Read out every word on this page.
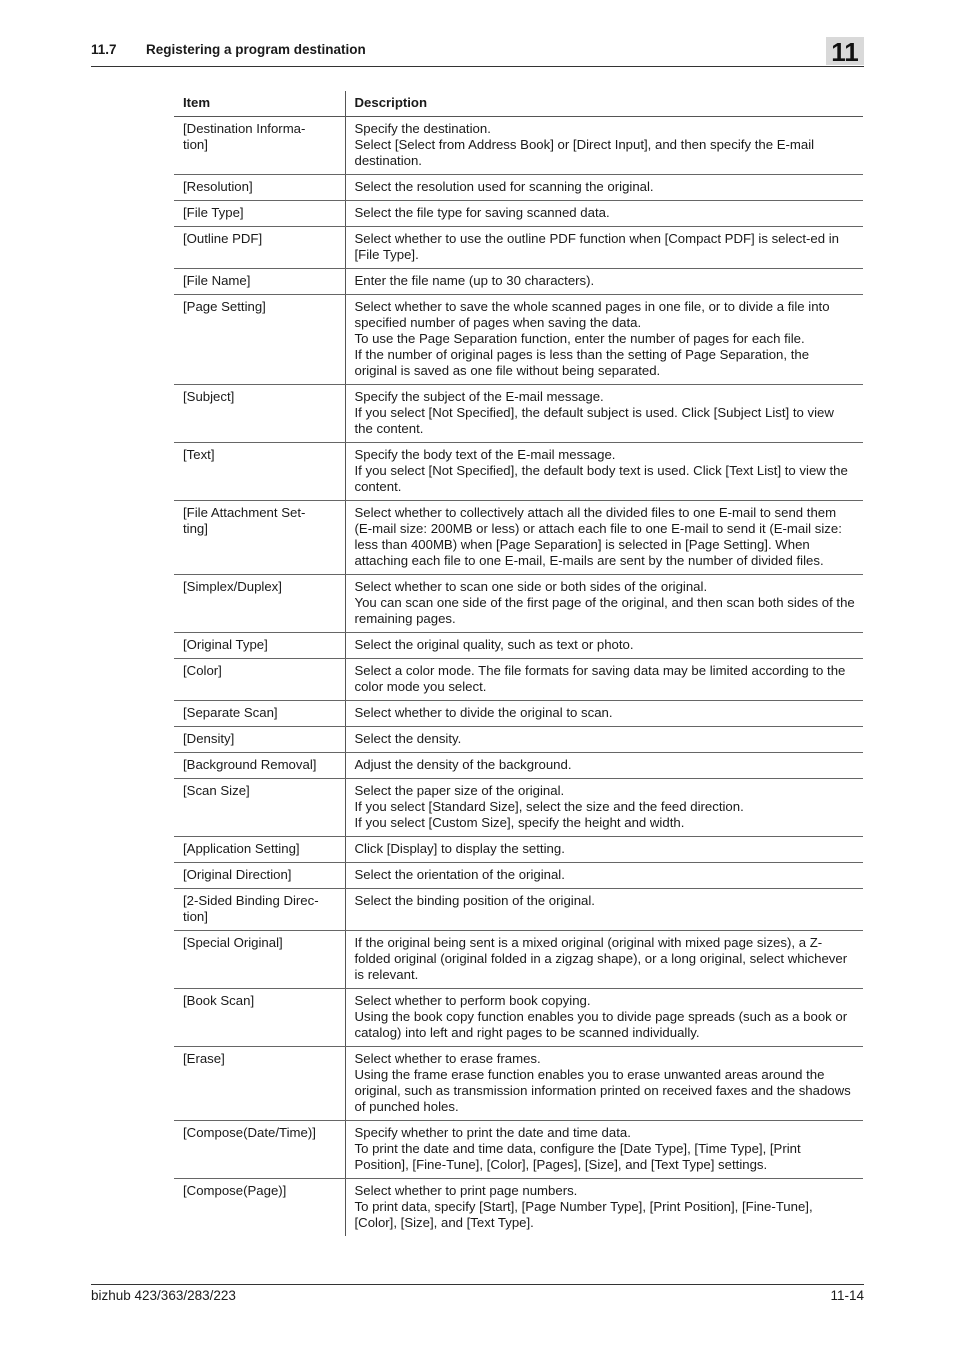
11.7 Registering a program destination	11
Item	Description
[Destination Informa-
tion]	Specify the destination.
Select [Select from Address Book] or [Direct Input], and then specify the E-mail destination.

[Resolution]	Select the resolution used for scanning the original.

[File Type]	Select the file type for saving scanned data.

[Outline PDF]	Select whether to use the outline PDF function when [Compact PDF] is select-ed in [File Type].

[File Name]	Enter the file name (up to 30 characters).

[Page Setting]	Select whether to save the whole scanned pages in one file, or to divide a file into specified number of pages when saving the data.
To use the Page Separation function, enter the number of pages for each file.
If the number of original pages is less than the setting of Page Separation, the original is saved as one file without being separated.

[Subject]	Specify the subject of the E-mail message.
If you select [Not Specified], the default subject is used. Click [Subject List] to view the content.

[Text]	Specify the body text of the E-mail message.
If you select [Not Specified], the default body text is used. Click [Text List] to view the content.

[File Attachment Set-
ting]	Select whether to collectively attach all the divided files to one E-mail to send them (E-mail size: 200MB or less) or attach each file to one E-mail to send it (E-mail size: less than 400MB) when [Page Separation] is selected in [Page Setting]. When attaching each file to one E-mail, E-mails are sent by the number of divided files.

[Simplex/Duplex]	Select whether to scan one side or both sides of the original.
You can scan one side of the first page of the original, and then scan both sides of the remaining pages.

[Original Type]	Select the original quality, such as text or photo.

[Color]	Select a color mode. The file formats for saving data may be limited according to the color mode you select.

[Separate Scan]	Select whether to divide the original to scan.

[Density]	Select the density.

[Background Removal]	Adjust the density of the background.

[Scan Size]	Select the paper size of the original.
If you select [Standard Size], select the size and the feed direction.
If you select [Custom Size], specify the height and width.

[Application Setting]	Click [Display] to display the setting.

[Original Direction]	Select the orientation of the original.

[2-Sided Binding Direc-
tion]	Select the binding position of the original.

[Special Original]	If the original being sent is a mixed original (original with mixed page sizes), a Z-folded original (original folded in a zigzag shape), or a long original, select whichever is relevant.

[Book Scan]	Select whether to perform book copying.
Using the book copy function enables you to divide page spreads (such as a book or catalog) into left and right pages to be scanned individually.

[Erase]	Select whether to erase frames.
Using the frame erase function enables you to erase unwanted areas around the original, such as transmission information printed on received faxes and the shadows of punched holes.

[Compose(Date/Time)]	Specify whether to print the date and time data.
To print the date and time data, configure the [Date Type], [Time Type], [Print Position], [Fine-Tune], [Color], [Pages], [Size], and [Text Type] settings.

[Compose(Page)]	Select whether to print page numbers.
To print data, specify [Start], [Page Number Type], [Print Position], [Fine-Tune], [Color], [Size], and [Text Type].
bizhub 423/363/283/223	11-14
